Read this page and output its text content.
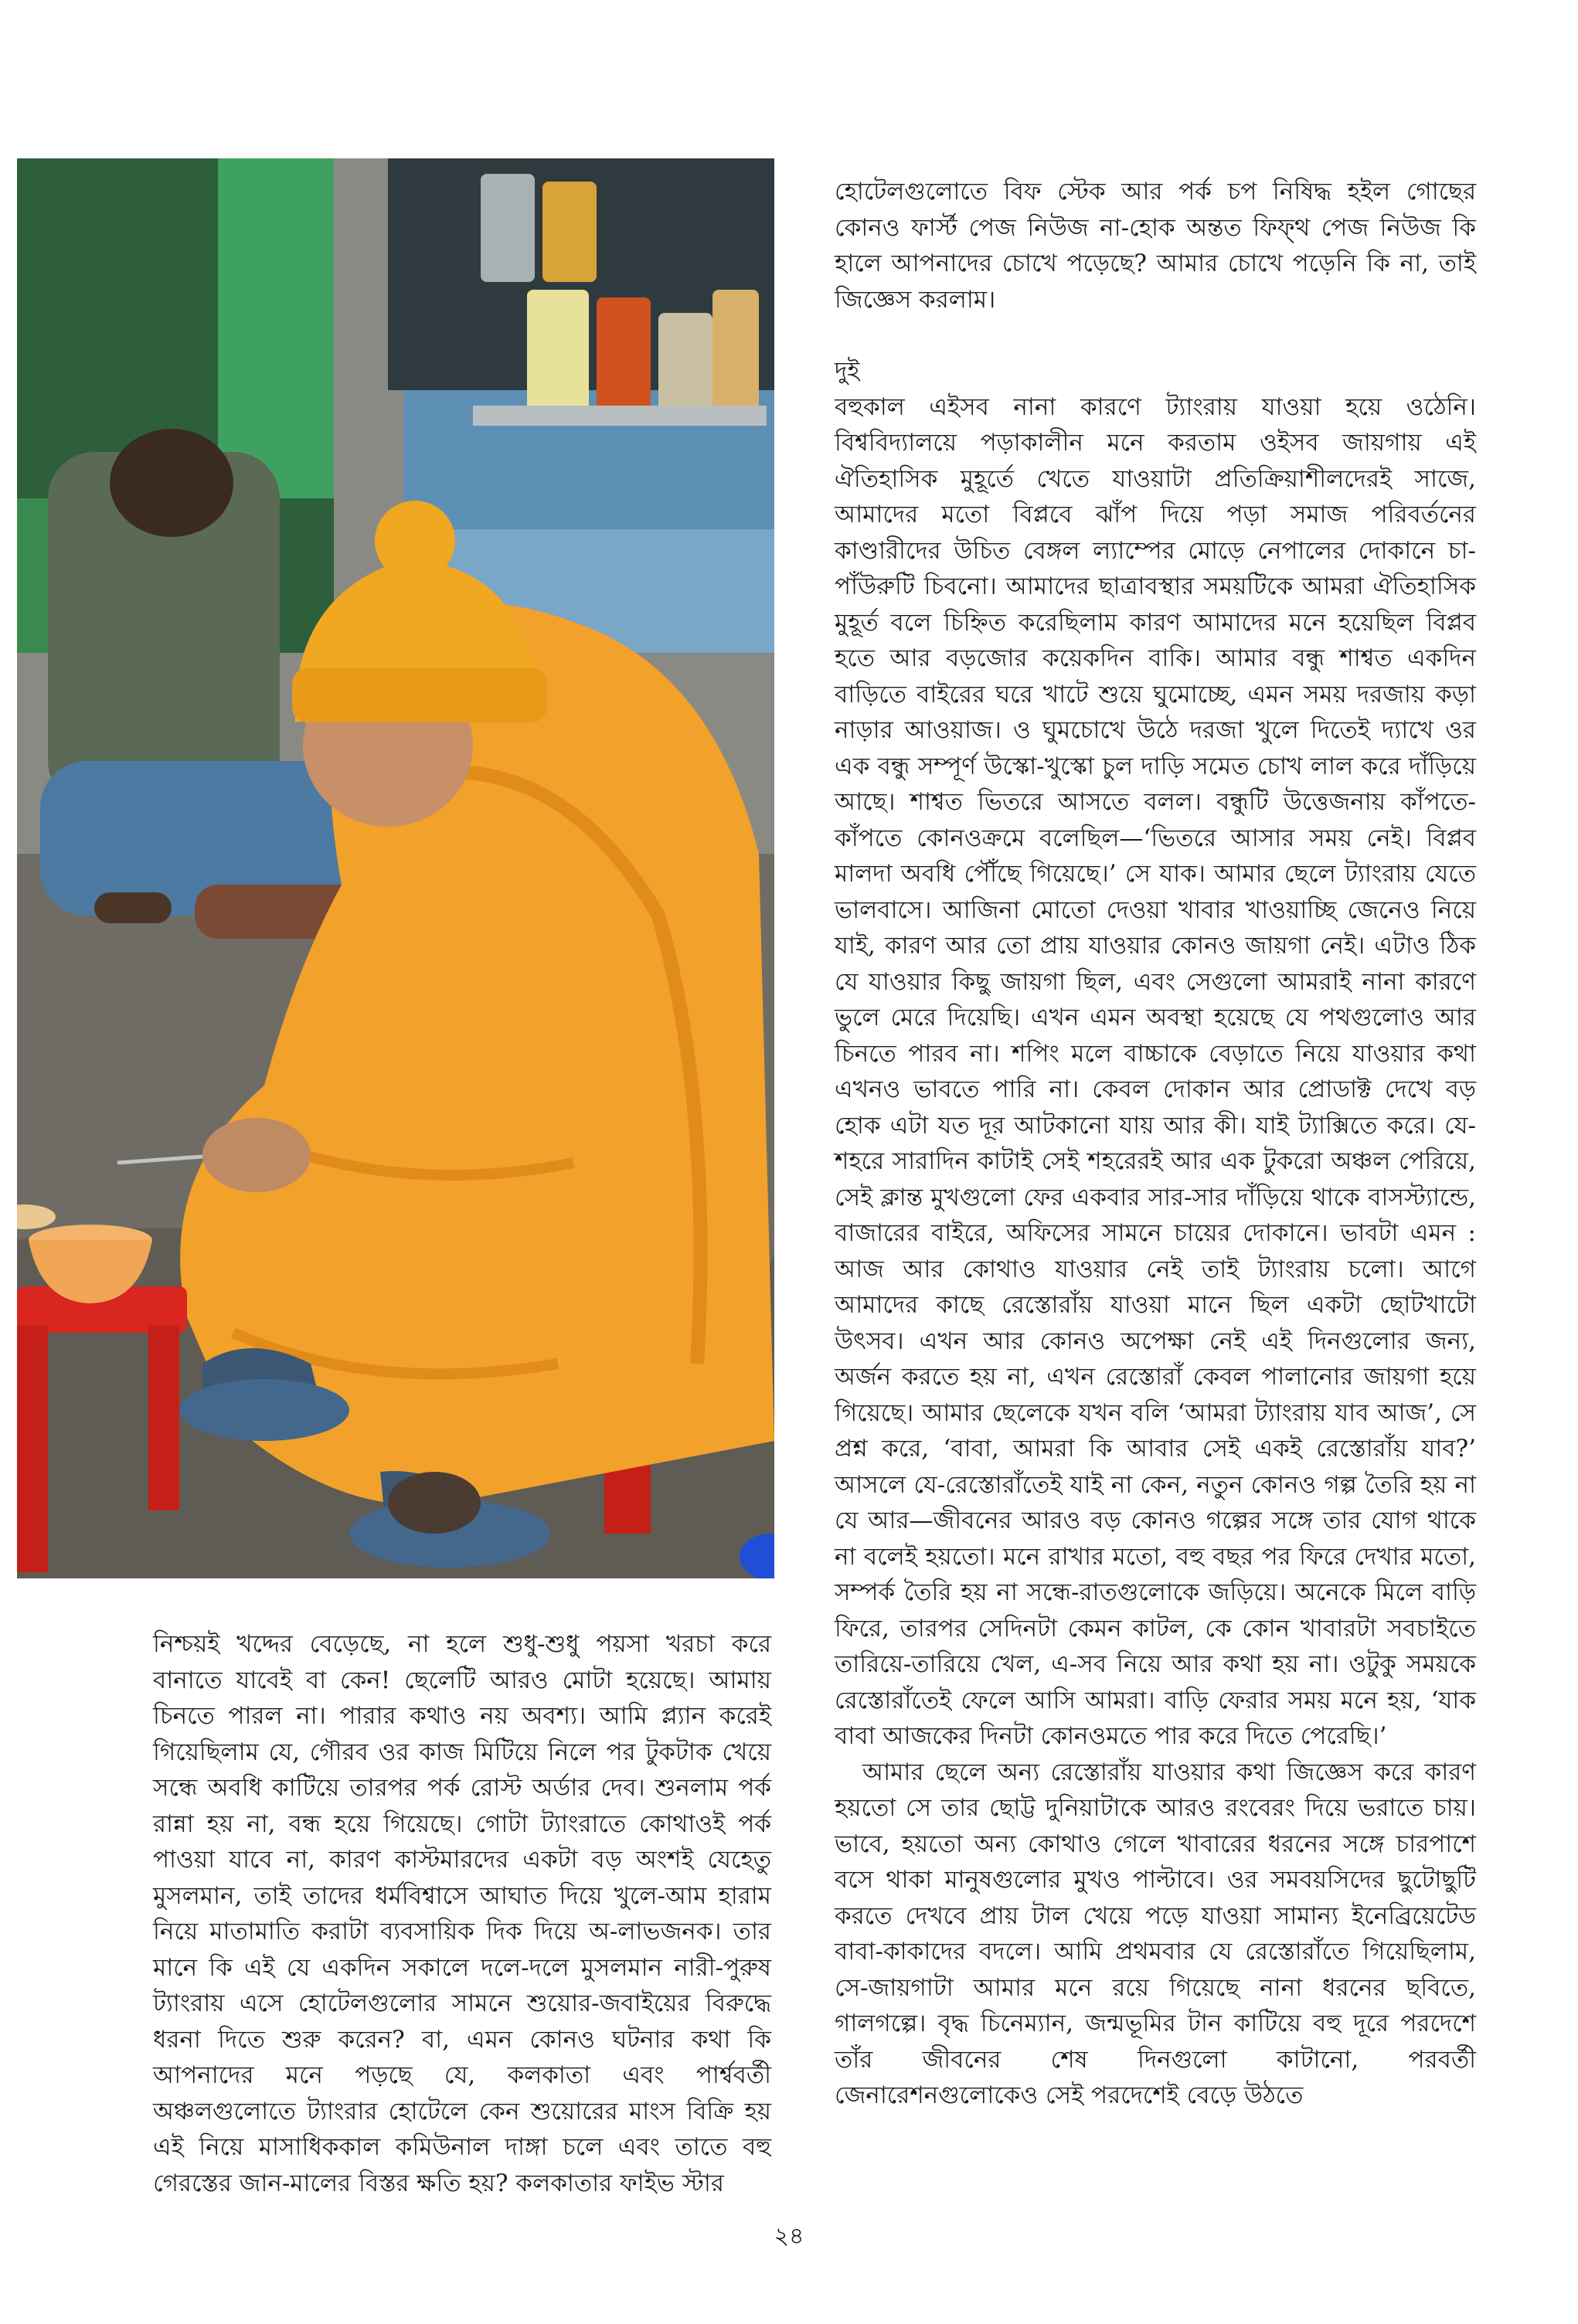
হোটেলগুলোতে বিফ স্টেক আর পর্ক চপ নিষিদ্ধ হইল গোছের কোনও ফার্স্ট পেজ নিউজ না-হোক অন্তত ফিফ্থ পেজ নিউজ কি হালে আপনাদের চোখে পড়েছে? আমার চোখে পড়েনি কি না, তাই জিজ্ঞেস করলাম।

দুই

বহুকাল এইসব নানা কারণে ট্যাংরায় যাওয়া হয়ে ওঠেনি। বিশ্ববিদ্যালয়ে পড়াকালীন মনে করতাম ওইসব জায়গায় এই ঐতিহাসিক মুহূর্তে খেতে যাওয়াটা প্রতিক্রিয়াশীলদেরই সাজে, আমাদের মতো বিপ্লবে ঝাঁপ দিয়ে পড়া সমাজ পরিবর্তনের কাণ্ডারীদের উচিত বেঙ্গল ল্যাম্পের মোড়ে নেপালের দোকানে চা-পাঁউরুটি চিবনো। আমাদের ছাত্রাবস্থার সময়টিকে আমরা ঐতিহাসিক মুহূর্ত বলে চিহ্নিত করেছিলাম কারণ আমাদের মনে হয়েছিল বিপ্লব হতে আর বড়জোর কয়েকদিন বাকি। আমার বন্ধু শাশ্বত একদিন বাড়িতে বাইরের ঘরে খাটে শুয়ে ঘুমোচ্ছে, এমন সময় দরজায় কড়া নাড়ার আওয়াজ। ও ঘুমচোখে উঠে দরজা খুলে দিতেই দ্যাখে ওর এক বন্ধু সম্পূর্ণ উস্কো-খুস্কো চুল দাড়ি সমেত চোখ লাল করে দাঁড়িয়ে আছে। শাশ্বত ভিতরে আসতে বলল। বন্ধুটি উত্তেজনায় কাঁপতে-কাঁপতে কোনওক্রমে বলেছিল—‘ভিতরে আসার সময় নেই। বিপ্লব মালদা অবধি পৌঁছে গিয়েছে।’ সে যাক। আমার ছেলে ট্যাংরায় যেতে ভালবাসে। আজিনা মোতো দেওয়া খাবার খাওয়াচ্ছি জেনেও নিয়ে যাই, কারণ আর তো প্রায় যাওয়ার কোনও জায়গা নেই। এটাও ঠিক যে যাওয়ার কিছু জায়গা ছিল, এবং সেগুলো আমরাই নানা কারণে ভুলে মেরে দিয়েছি। এখন এমন অবস্থা হয়েছে যে পথগুলোও আর চিনতে পারব না। শপিং মলে বাচ্চাকে বেড়াতে নিয়ে যাওয়ার কথা এখনও ভাবতে পারি না। কেবল দোকান আর প্রোডাক্ট দেখে বড় হোক এটা যত দূর আটকানো যায় আর কী। যাই ট্যাক্সিতে করে। যে-শহরে সারাদিন কাটাই সেই শহরেরই আর এক টুকরো অঞ্চল পেরিয়ে, সেই ক্লান্ত মুখগুলো ফের একবার সার-সার দাঁড়িয়ে থাকে বাসস্ট্যান্ডে, বাজারের বাইরে, অফিসের সামনে চায়ের দোকানে। ভাবটা এমন : আজ আর কোথাও যাওয়ার নেই তাই ট্যাংরায় চলো। আগে আমাদের কাছে রেস্তোরাঁয় যাওয়া মানে ছিল একটা ছোটখাটো উৎসব। এখন আর কোনও অপেক্ষা নেই এই দিনগুলোর জন্য, অর্জন করতে হয় না, এখন রেস্তোরাঁ কেবল পালানোর জায়গা হয়ে গিয়েছে। আমার ছেলেকে যখন বলি ‘আমরা ট্যাংরায় যাব আজ’, সে প্রশ্ন করে, ‘বাবা, আমরা কি আবার সেই একই রেস্তোরাঁয় যাব?’ আসলে যে-রেস্তোরাঁতেই যাই না কেন, নতুন কোনও গল্প তৈরি হয় না যে আর—জীবনের আরও বড় কোনও গল্পের সঙ্গে তার যোগ থাকে না বলেই হয়তো। মনে রাখার মতো, বহু বছর পর ফিরে দেখার মতো, সম্পর্ক তৈরি হয় না সন্ধে-রাতগুলোকে জড়িয়ে। অনেকে মিলে বাড়ি ফিরে, তারপর সেদিনটা কেমন কাটল, কে কোন খাবারটা সবচাইতে তারিয়ে-তারিয়ে খেল, এ-সব নিয়ে আর কথা হয় না। ওটুকু সময়কে রেস্তোরাঁতেই ফেলে আসি আমরা। বাড়ি ফেরার সময় মনে হয়, ‘যাক বাবা আজকের দিনটা কোনওমতে পার করে দিতে পেরেছি।’

আমার ছেলে অন্য রেস্তোরাঁয় যাওয়ার কথা জিজ্ঞেস করে কারণ হয়তো সে তার ছোট্ট দুনিয়াটাকে আরও রংবেরং দিয়ে ভরাতে চায়। ভাবে, হয়তো অন্য কোথাও গেলে খাবারের ধরনের সঙ্গে চারপাশে বসে থাকা মানুষগুলোর মুখও পাল্টাবে। ওর সমবয়সিদের ছুটোছুটি করতে দেখবে প্রায় টাল খেয়ে পড়ে যাওয়া সামান্য ইনেব্রিয়েটেড বাবা-কাকাদের বদলে। আমি প্রথমবার যে রেস্তোরাঁতে গিয়েছিলাম, সে-জায়গাটা আমার মনে রয়ে গিয়েছে নানা ধরনের ছবিতে, গালগল্পে। বৃদ্ধ চিনেম্যান, জন্মভূমির টান কাটিয়ে বহু দূরে পরদেশে তাঁর জীবনের শেষ দিনগুলো কাটানো, পরবর্তী জেনারেশনগুলোকেও সেই পরদেশেই বেড়ে উঠতে

নিশ্চয়ই খদ্দের বেড়েছে, না হলে শুধু-শুধু পয়সা খরচা করে বানাতে যাবেই বা কেন! ছেলেটি আরও মোটা হয়েছে। আমায় চিনতে পারল না। পারার কথাও নয় অবশ্য। আমি প্ল্যান করেই গিয়েছিলাম যে, গৌরব ওর কাজ মিটিয়ে নিলে পর টুকটাক খেয়ে সন্ধে অবধি কাটিয়ে তারপর পর্ক রোস্ট অর্ডার দেব। শুনলাম পর্ক রান্না হয় না, বন্ধ হয়ে গিয়েছে। গোটা ট্যাংরাতে কোথাওই পর্ক পাওয়া যাবে না, কারণ কাস্টমারদের একটা বড় অংশই যেহেতু মুসলমান, তাই তাদের ধর্মবিশ্বাসে আঘাত দিয়ে খুলে-আম হারাম নিয়ে মাতামাতি করাটা ব্যবসায়িক দিক দিয়ে অ-লাভজনক। তার মানে কি এই যে একদিন সকালে দলে-দলে মুসলমান নারী-পুরুষ ট্যাংরায় এসে হোটেলগুলোর সামনে শুয়োর-জবাইয়ের বিরুদ্ধে ধরনা দিতে শুরু করেন? বা, এমন কোনও ঘটনার কথা কি আপনাদের মনে পড়ছে যে, কলকাতা এবং পার্শ্ববর্তী অঞ্চলগুলোতে ট্যাংরার হোটেলে কেন শুয়োরের মাংস বিক্রি হয় এই নিয়ে মাসাধিককাল কমিউনাল দাঙ্গা চলে এবং তাতে বহু গেরস্তের জান-মালের বিস্তর ক্ষতি হয়? কলকাতার ফাইভ স্টার

২৪
